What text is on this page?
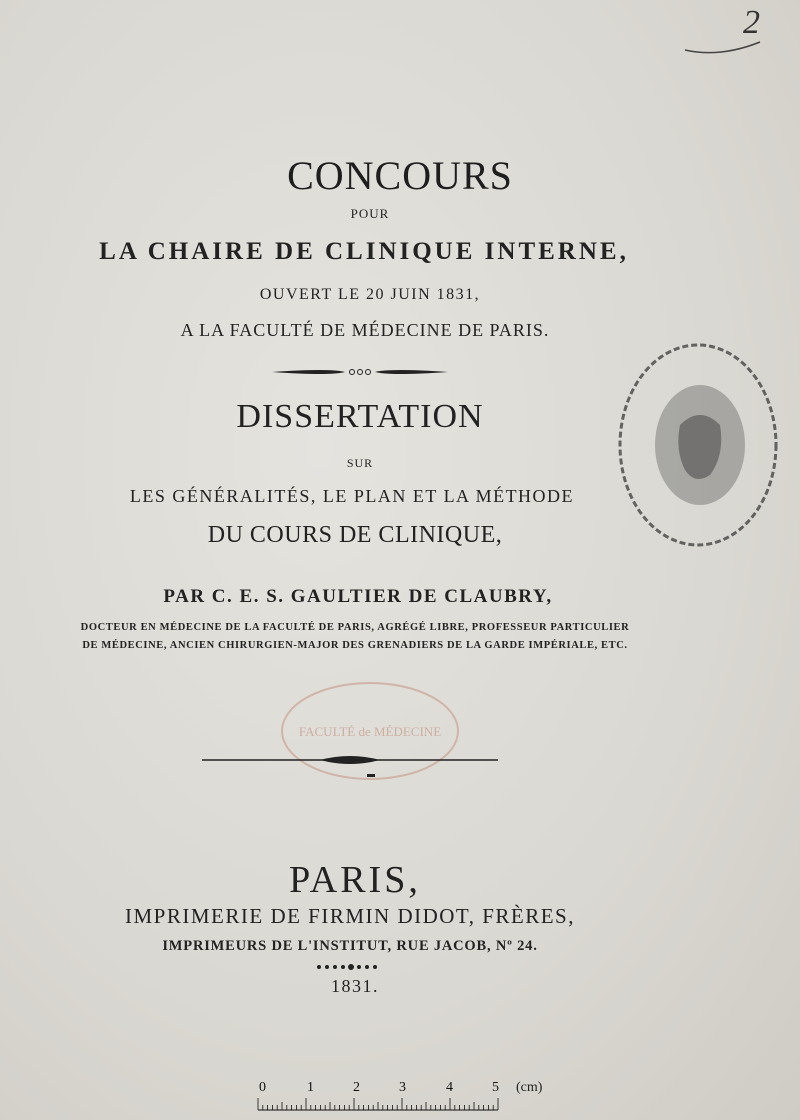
2
CONCOURS
POUR
LA CHAIRE DE CLINIQUE INTERNE,
OUVERT LE 20 JUIN 1831,
A LA FACULTÉ DE MÉDECINE DE PARIS.
DISSERTATION
SUR
LES GÉNÉRALITÉS, LE PLAN ET LA MÉTHODE
DU COURS DE CLINIQUE,
PAR C. E. S. GAULTIER DE CLAUBRY,
DOCTEUR EN MÉDECINE DE LA FACULTÉ DE PARIS, AGRÉGÉ LIBRE, PROFESSEUR PARTICULIER
DE MÉDECINE, ANCIEN CHIRURGIEN-MAJOR DES GRENADIERS DE LA GARDE IMPÉRIALE, ETC.
FACULTÉ de MÉDECINE
PARIS,
IMPRIMERIE DE FIRMIN DIDOT, FRÈRES,
IMPRIMEURS DE L'INSTITUT, RUE JACOB, Nº 24.
1831.
0	1	2	3	4	5 (cm)
